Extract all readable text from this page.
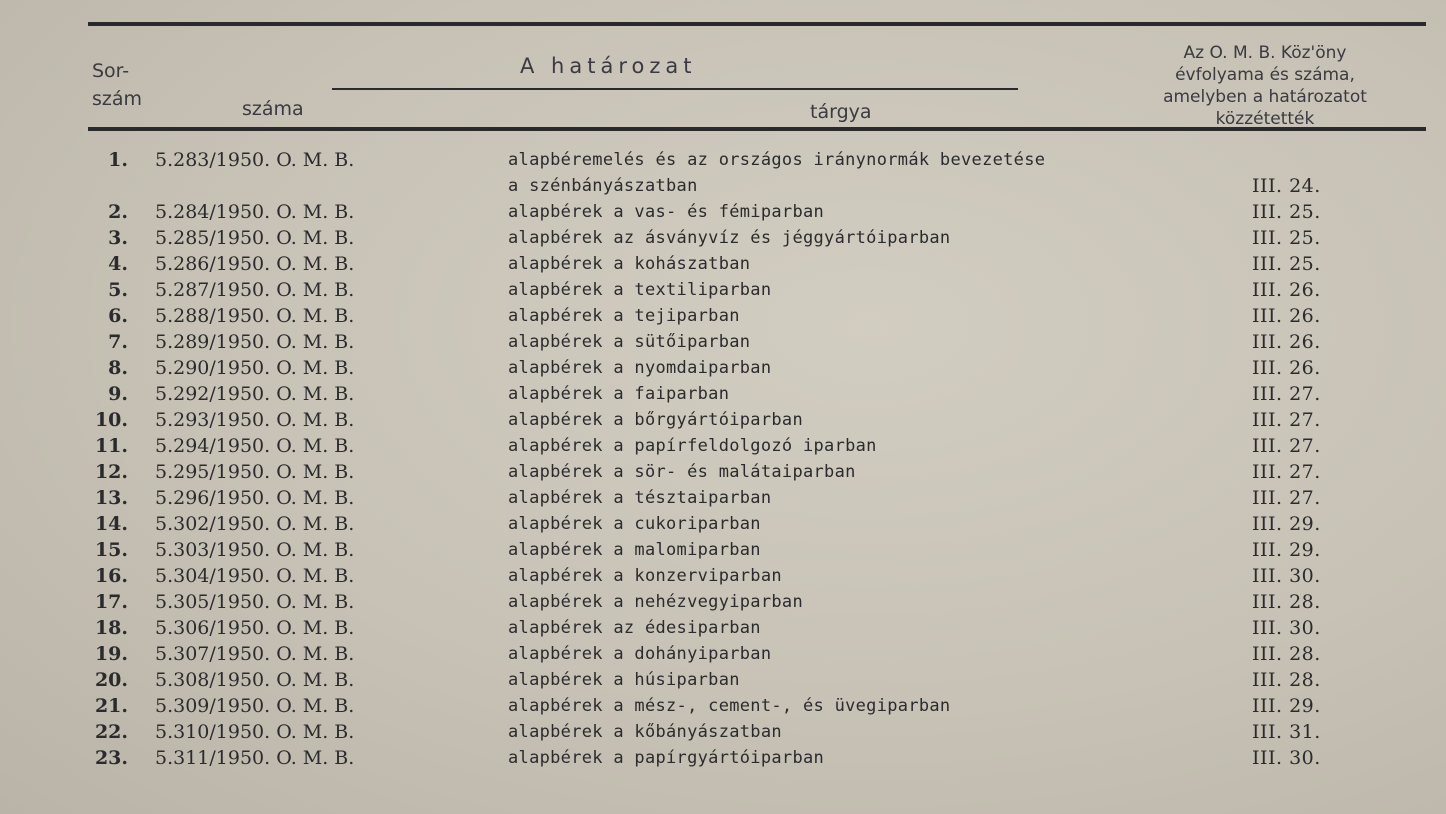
Sor-
szám
A határozat
száma	tárgya
Az O. M. B. Köz'öny
évfolyama és száma,
amelyben a határozatot
közzétették
1. 5.283/1950. O. M. B.	alapbéremelés és az országos iránynormák bevezetése
a szénbányászatban	III. 24.
2. 5.284/1950. O. M. B.	alapbérek a vas- és fémiparban	III. 25.
3. 5.285/1950. O. M. B.	alapbérek az ásványvíz és jéggyártóiparban	III. 25.
4. 5.286/1950. O. M. B.	alapbérek a kohászatban	III. 25.
5. 5.287/1950. O. M. B.	alapbérek a textiliparban	III. 26.
6. 5.288/1950. O. M. B.	alapbérek a tejiparban	III. 26.
7. 5.289/1950. O. M. B.	alapbérek a sütőiparban	III. 26.
8. 5.290/1950. O. M. B.	alapbérek a nyomdaiparban	III. 26.
9. 5.292/1950. O. M. B.	alapbérek a faiparban	III. 27.
10. 5.293/1950. O. M. B.	alapbérek a bőrgyártóiparban	III. 27.
11. 5.294/1950. O. M. B.	alapbérek a papírfeldolgozó iparban	III. 27.
12. 5.295/1950. O. M. B.	alapbérek a sör- és malátaiparban	III. 27.
13. 5.296/1950. O. M. B.	alapbérek a tésztaiparban	III. 27.
14. 5.302/1950. O. M. B.	alapbérek a cukoriparban	III. 29.
15. 5.303/1950. O. M. B.	alapbérek a malomiparban	III. 29.
16. 5.304/1950. O. M. B.	alapbérek a konzerviparban	III. 30.
17. 5.305/1950. O. M. B.	alapbérek a nehézvegyiparban	III. 28.
18. 5.306/1950. O. M. B.	alapbérek az édesiparban	III. 30.
19. 5.307/1950. O. M. B.	alapbérek a dohányiparban	III. 28.
20. 5.308/1950. O. M. B.	alapbérek a húsiparban	III. 28.
21. 5.309/1950. O. M. B.	alapbérek a mész-, cement-, és üvegiparban	III. 29.
22. 5.310/1950. O. M. B.	alapbérek a kőbányászatban	III. 31.
23. 5.311/1950. O. M. B.	alapbérek a papírgyártóiparban	III. 30.
